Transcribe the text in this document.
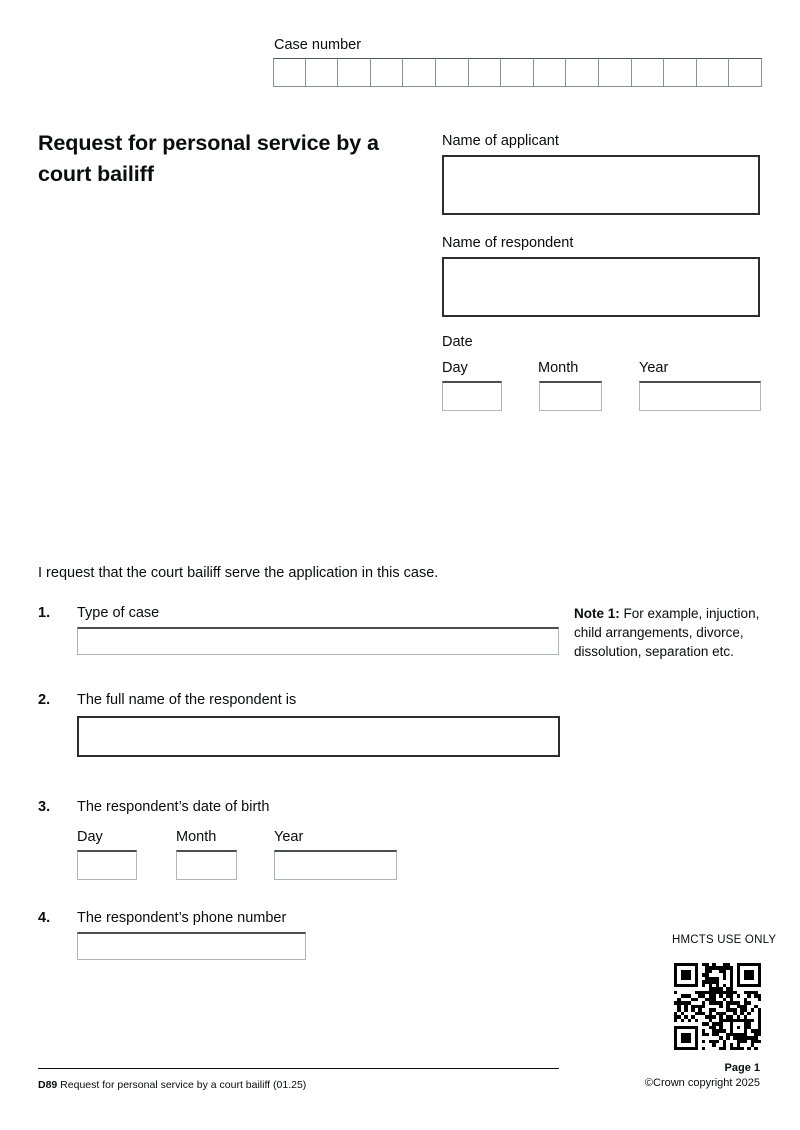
Case number
Request for personal service by a court bailiff
Name of applicant
Name of respondent
Date
Day	Month	Year
I request that the court bailiff serve the application in this case.
1. Type of case	Note 1: For example, injuction, child arrangements, divorce, dissolution, separation etc.
2. The full name of the respondent is
3. The respondent’s date of birth
Day	Month	Year
4. The respondent’s phone number
HMCTS USE ONLY
D89 Request for personal service by a court bailiff (01.25)
Page 1
©Crown copyright 2025
